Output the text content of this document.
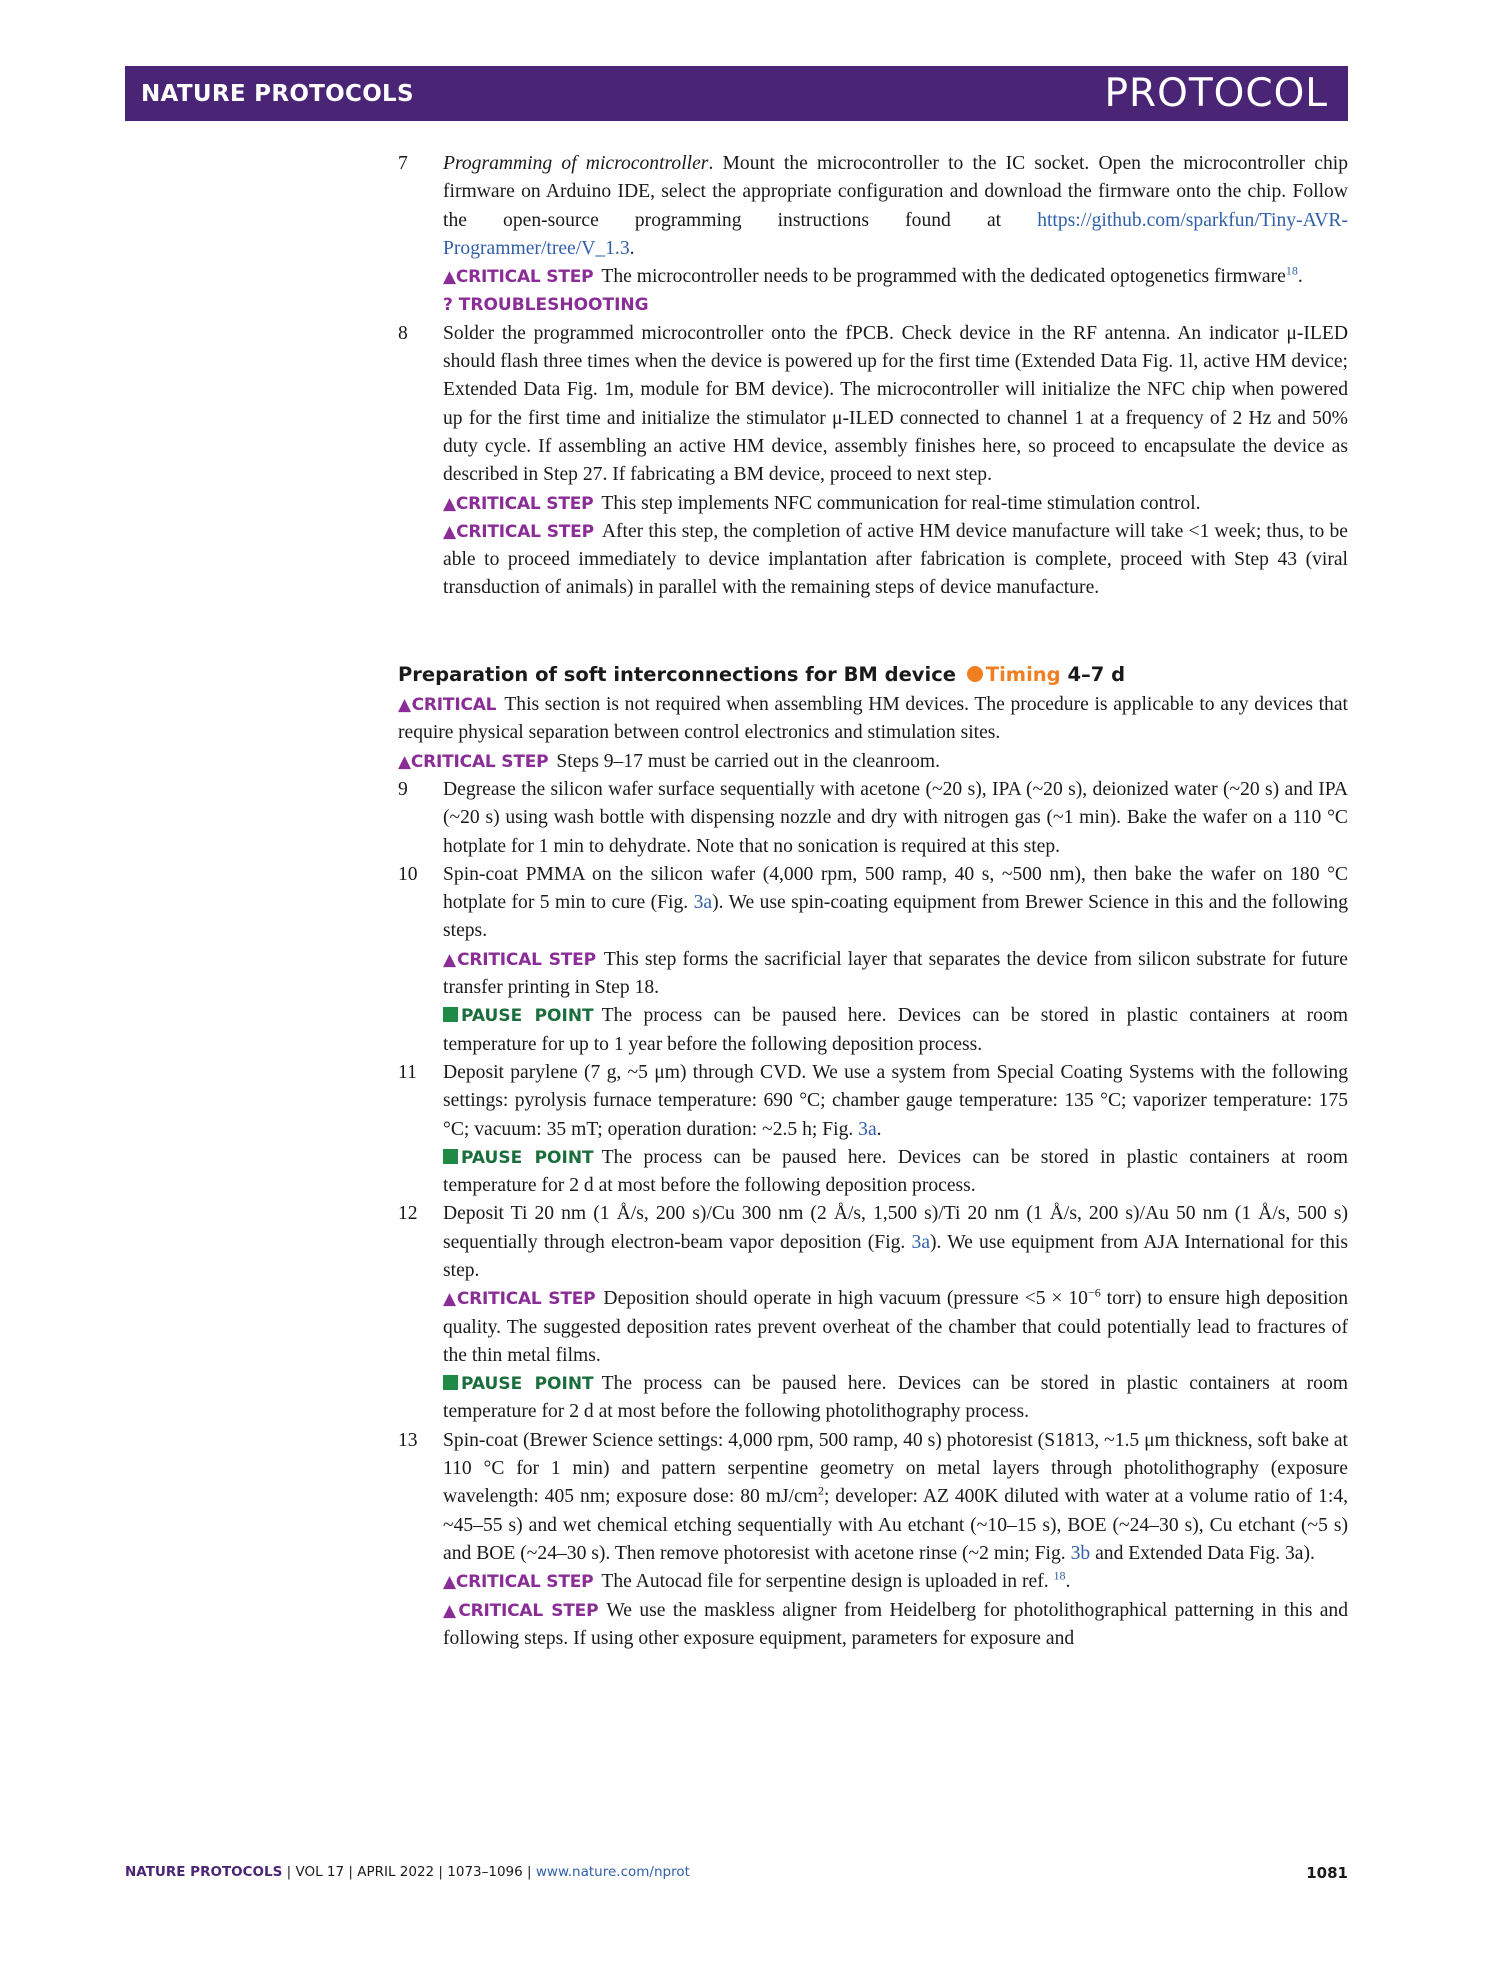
NATURE PROTOCOLS	PROTOCOL
7 Programming of microcontroller. Mount the microcontroller to the IC socket. Open the microcontroller chip firmware on Arduino IDE, select the appropriate configuration and download the firmware onto the chip. Follow the open-source programming instructions found at https://github.com/sparkfun/Tiny-AVR-Programmer/tree/V_1.3.
▲CRITICAL STEP The microcontroller needs to be programmed with the dedicated optogenetics firmware$^{18}$.
? TROUBLESHOOTING
8 Solder the programmed microcontroller onto the fPCB. Check device in the RF antenna. An indicator μ-ILED should flash three times when the device is powered up for the first time (Extended Data Fig. 1l, active HM device; Extended Data Fig. 1m, module for BM device). The microcontroller will initialize the NFC chip when powered up for the first time and initialize the stimulator μ-ILED connected to channel 1 at a frequency of 2 Hz and 50% duty cycle. If assembling an active HM device, assembly finishes here, so proceed to encapsulate the device as described in Step 27. If fabricating a BM device, proceed to next step.
▲CRITICAL STEP This step implements NFC communication for real-time stimulation control.
▲CRITICAL STEP After this step, the completion of active HM device manufacture will take <1 week; thus, to be able to proceed immediately to device implantation after fabrication is complete, proceed with Step 43 (viral transduction of animals) in parallel with the remaining steps of device manufacture.
Preparation of soft interconnections for BM device Timing 4–7 d
▲CRITICAL This section is not required when assembling HM devices. The procedure is applicable to any devices that require physical separation between control electronics and stimulation sites.
▲CRITICAL STEP Steps 9–17 must be carried out in the cleanroom.
9 Degrease the silicon wafer surface sequentially with acetone (~20 s), IPA (~20 s), deionized water (~20 s) and IPA (~20 s) using wash bottle with dispensing nozzle and dry with nitrogen gas (~1 min). Bake the wafer on a 110 °C hotplate for 1 min to dehydrate. Note that no sonication is required at this step.
10 Spin-coat PMMA on the silicon wafer (4,000 rpm, 500 ramp, 40 s, ~500 nm), then bake the wafer on 180 °C hotplate for 5 min to cure (Fig. 3a). We use spin-coating equipment from Brewer Science in this and the following steps.
▲CRITICAL STEP This step forms the sacrificial layer that separates the device from silicon substrate for future transfer printing in Step 18.
PAUSE POINT The process can be paused here. Devices can be stored in plastic containers at room temperature for up to 1 year before the following deposition process.
11 Deposit parylene (7 g, ~5 μm) through CVD. We use a system from Special Coating Systems with the following settings: pyrolysis furnace temperature: 690 °C; chamber gauge temperature: 135 °C; vaporizer temperature: 175 °C; vacuum: 35 mT; operation duration: ~2.5 h; Fig. 3a.
PAUSE POINT The process can be paused here. Devices can be stored in plastic containers at room temperature for 2 d at most before the following deposition process.
12 Deposit Ti 20 nm (1 Å/s, 200 s)/Cu 300 nm (2 Å/s, 1,500 s)/Ti 20 nm (1 Å/s, 200 s)/Au 50 nm (1 Å/s, 500 s) sequentially through electron-beam vapor deposition (Fig. 3a). We use equipment from AJA International for this step.
▲CRITICAL STEP Deposition should operate in high vacuum (pressure $<5 \times 10^{-6}$ torr) to ensure high deposition quality. The suggested deposition rates prevent overheat of the chamber that could potentially lead to fractures of the thin metal films.
PAUSE POINT The process can be paused here. Devices can be stored in plastic containers at room temperature for 2 d at most before the following photolithography process.
13 Spin-coat (Brewer Science settings: 4,000 rpm, 500 ramp, 40 s) photoresist (S1813, ~1.5 μm thickness, soft bake at 110 °C for 1 min) and pattern serpentine geometry on metal layers through photolithography (exposure wavelength: 405 nm; exposure dose: 80 $mJ/cm^2$; developer: AZ 400K diluted with water at a volume ratio of 1:4, ~45–55 s) and wet chemical etching sequentially with Au etchant (~10–15 s), BOE (~24–30 s), Cu etchant (~5 s) and BOE (~24–30 s). Then remove photoresist with acetone rinse (~2 min; Fig. 3b and Extended Data Fig. 3a).
▲CRITICAL STEP The Autocad file for serpentine design is uploaded in ref. $^{18}$.
▲CRITICAL STEP We use the maskless aligner from Heidelberg for photolithographical patterning in this and following steps. If using other exposure equipment, parameters for exposure and
NATURE PROTOCOLS | VOL 17 | APRIL 2022 | 1073–1096 | www.nature.com/nprot	1081
